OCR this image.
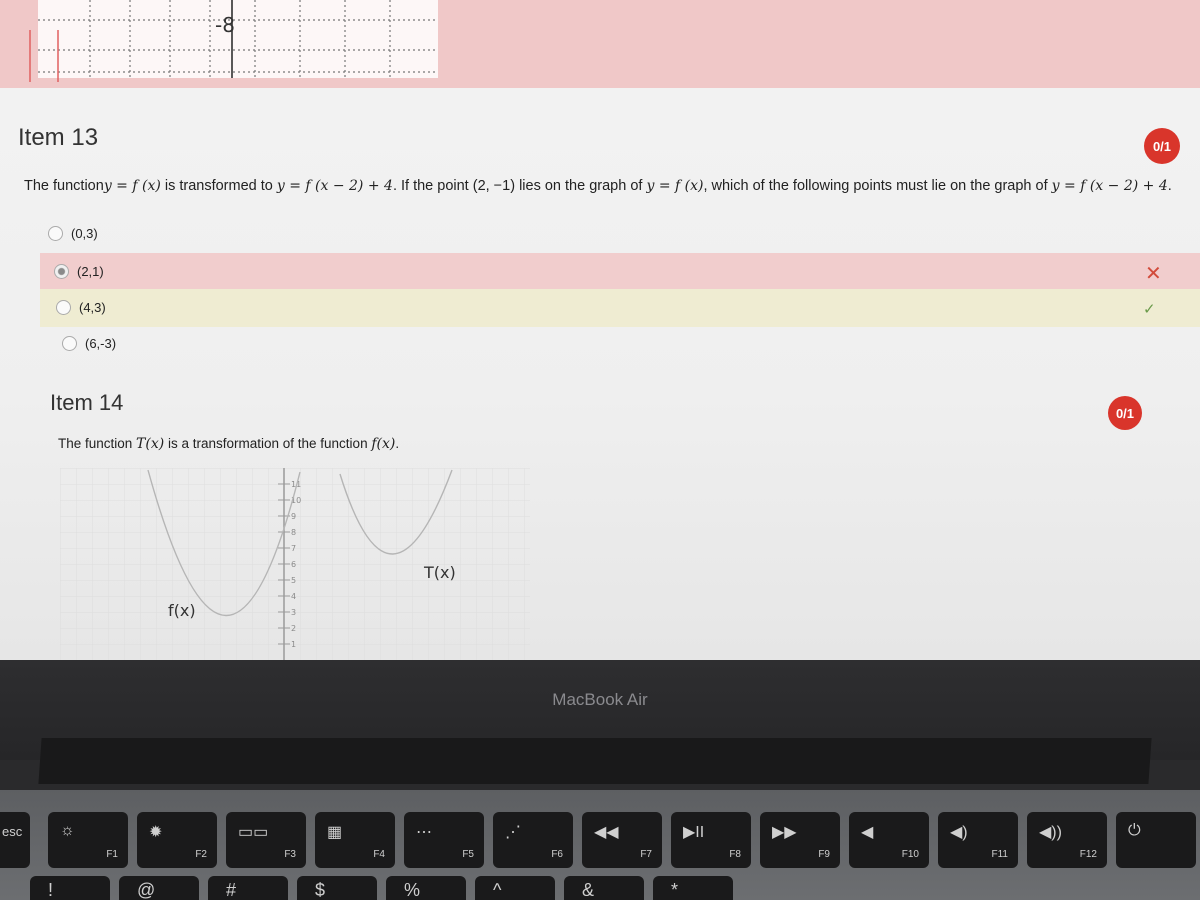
-8
Item 13	0/1
The functiony = f (x) is transformed to y = f (x − 2) + 4. If the point (2, −1) lies on the graph of y = f (x), which of the following points must lie on the graph of y = f (x − 2) + 4.
(0,3)
(2,1)
(4,3)
(6,-3)
✕
✓
Item 14	0/1
The function T(x) is a transformation of the function f(x).
11
10
9
8
7
6
5
4
3
2
1
f(x)
T(x)
MacBook Air
esc	☼
F1
✹
F2
▭▭
F3
▦
F4
⋯
F5
⋰
F6
◀◀
F7
▶II
F8
▶▶
F9
◀
F10
◀)
F11
◀))
F12
⏻
!	@	#	$	%	^	&	*
